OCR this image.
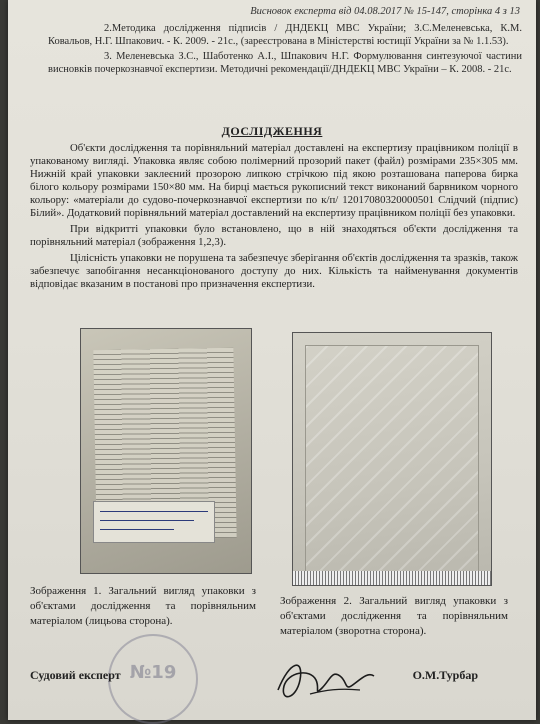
Висновок експерта від 04.08.2017 № 15-147, сторінка 4 з 13

2.Методика дослідження підписів / ДНДЕКЦ МВС України; З.С.Меленевська, К.М. Ковальов, Н.Г. Шпакович. - К. 2009. - 21с., (зареєстрована в Міністерстві юстиції України за № 1.1.53).

3. Меленевська З.С., Шаботенко А.І., Шпакович Н.Г. Формулювання синтезуючої частини висновків почеркознавчої експертизи. Методичні рекомендації/ДНДЕКЦ МВС України – К. 2008. - 21с.

ДОСЛІДЖЕННЯ

Об'єкти дослідження та порівняльний матеріал доставлені на експертизу працівником поліції в упакованому вигляді. Упаковка являє собою полімерний прозорий пакет (файл) розмірами 235×305 мм. Нижній край упаковки заклеєний прозорою липкою стрічкою під якою розташована паперова бирка білого кольору розмірами 150×80 мм. На бирці мається рукописний текст виконаний барвником чорного кольору: «матеріали до судово-почеркознавчої експертизи по к/п/ 12017080320000501 Слідчий (підпис) Білий». Додатковий порівняльний матеріал доставлений на експертизу працівником поліції без упаковки.

При відкритті упаковки було встановлено, що в ній знаходяться об'єкти дослідження та порівняльний матеріал (зображення 1,2,3).

Цілісність упаковки не порушена та забезпечує зберігання об'єктів дослідження та зразків, також забезпечує запобігання несанкціонованого доступу до них. Кількість та найменування документів відповідає вказаним в постанові про призначення експертизи.

Зображення 1. Загальний вигляд упаковки з об'єктами дослідження та порівняльним матеріалом (лицьова сторона).
Зображення 2. Загальний вигляд упаковки з об'єктами дослідження та порівняльним матеріалом (зворотна сторона).
№19
Судовий експерт	О.М.Турбар
